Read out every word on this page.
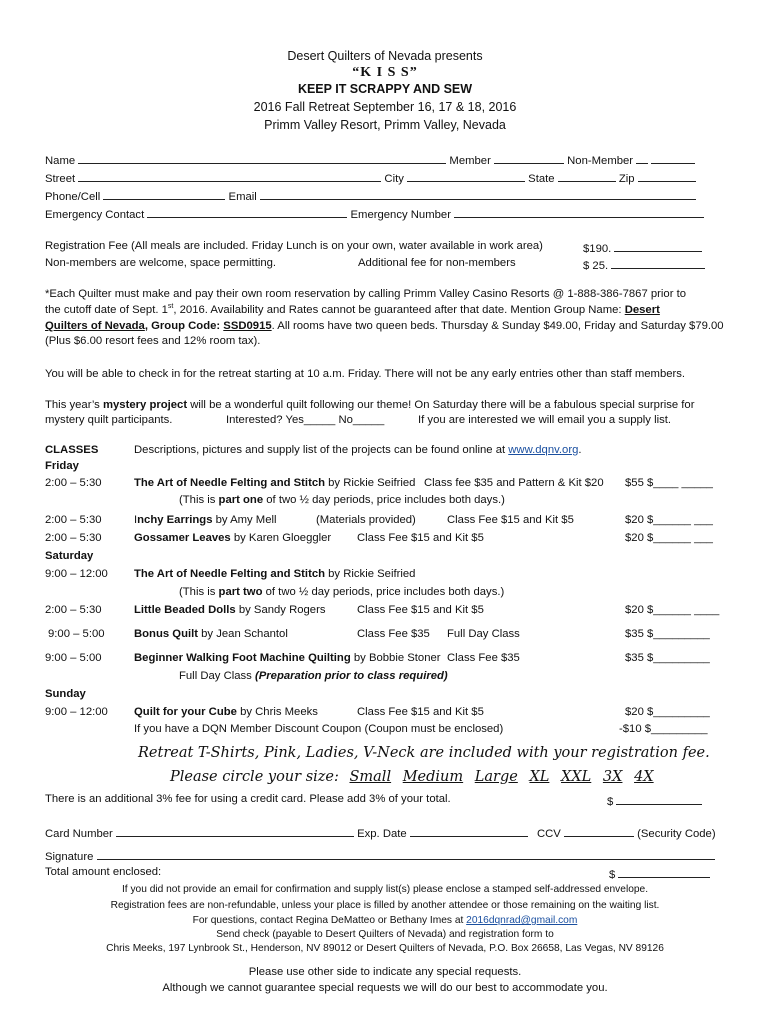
Desert Quilters of Nevada presents
“K I S S”
KEEP IT SCRAPPY AND SEW
2016 Fall Retreat September 16, 17 & 18, 2016
Primm Valley Resort, Primm Valley, Nevada
Name	Member	Non-Member
Street	City	State	Zip
Phone/Cell	Email
Emergency Contact	Emergency Number
Registration Fee (All meals are included. Friday Lunch is on your own, water available in work area)	$190.
Non-members are welcome, space permitting.	Additional fee for non-members	$ 25.
*Each Quilter must make and pay their own room reservation by calling Primm Valley Casino Resorts @ 1-888-386-7867 prior to
the cutoff date of Sept. 1st, 2016. Availability and Rates cannot be guaranteed after that date. Mention Group Name: Desert
Quilters of Nevada, Group Code: SSD0915. All rooms have two queen beds. Thursday & Sunday $49.00, Friday and Saturday $79.00
(Plus $6.00 resort fees and 12% room tax).
You will be able to check in for the retreat starting at 10 a.m. Friday. There will not be any early entries other than staff members.
This year’s mystery project will be a wonderful quilt following our theme! On Saturday there will be a fabulous special surprise for
mystery quilt participants.	Interested? Yes_____ No_____	If you are interested we will email you a supply list.
CLASSES	Descriptions, pictures and supply list of the projects can be found online at www.dqnv.org.
Friday
2:00 – 5:30	The Art of Needle Felting and Stitch by Rickie Seifried Class fee $35 and Pattern & Kit $20 $55 $____ _____
(This is part one of two ½ day periods, price includes both days.)
2:00 – 5:30	Inchy Earrings by Amy Mell	(Materials provided)	Class Fee $15 and Kit $5	$20 $______ ___
2:00 – 5:30	Gossamer Leaves by Karen Gloeggler Class Fee $15 and Kit $5	$20 $______ ___
Saturday
9:00 – 12:00 The Art of Needle Felting and Stitch by Rickie Seifried
(This is part two of two ½ day periods, price includes both days.)
2:00 – 5:30	Little Beaded Dolls by Sandy Rogers	Class Fee $15 and Kit $5	$20 $______ ____
9:00 – 5:00	Bonus Quilt by Jean Schantol	Class Fee $35 Full Day Class	$35 $_________
9:00 – 5:00	Beginner Walking Foot Machine Quilting by Bobbie Stoner Class Fee $35	$35 $_________
Full Day Class (Preparation prior to class required)
Sunday
9:00 – 12:00 Quilt for your Cube by Chris Meeks	Class Fee $15 and Kit $5	$20 $_________
If you have a DQN Member Discount Coupon (Coupon must be enclosed)	-$10 $_________
Retreat T-Shirts, Pink, Ladies, V-Neck are included with your registration fee.
Please circle your size: Small Medium Large XL XXL 3X 4X
There is an additional 3% fee for using a credit card. Please add 3% of your total.	$
Card Number	Exp. Date	CCV	(Security Code)
Signature
Total amount enclosed:	$
If you did not provide an email for confirmation and supply list(s) please enclose a stamped self-addressed envelope.
Registration fees are non-refundable, unless your place is filled by another attendee or those remaining on the waiting list.
For questions, contact Regina DeMatteo or Bethany Imes at 2016dqnrad@gmail.com
Send check (payable to Desert Quilters of Nevada) and registration form to
Chris Meeks, 197 Lynbrook St., Henderson, NV 89012 or Desert Quilters of Nevada, P.O. Box 26658, Las Vegas, NV 89126
Please use other side to indicate any special requests.
Although we cannot guarantee special requests we will do our best to accommodate you.
